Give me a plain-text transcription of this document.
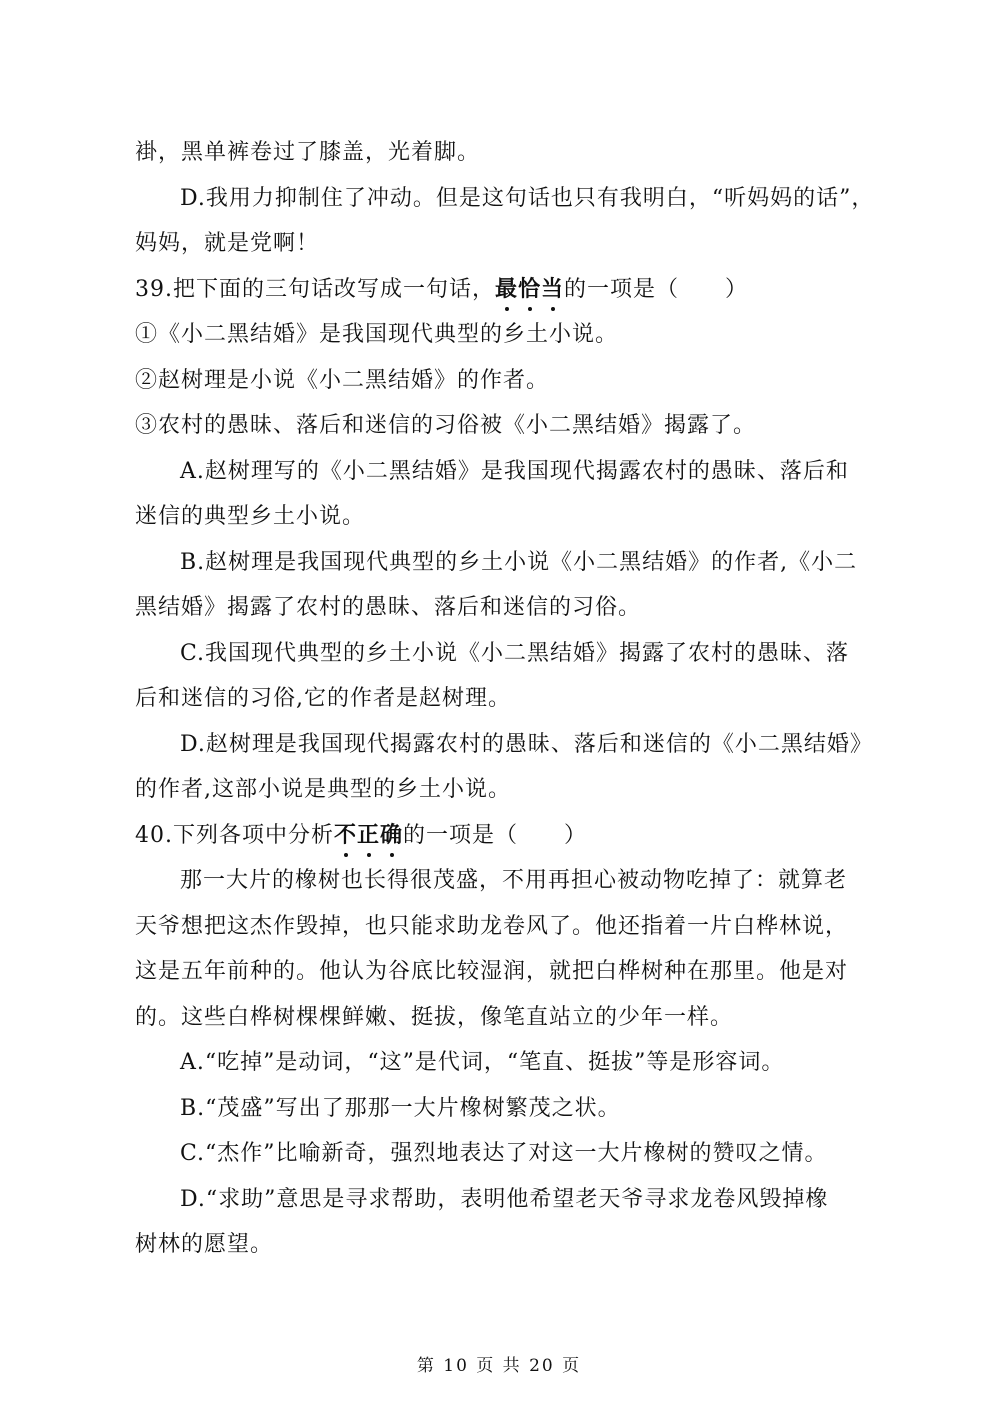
褂，黑单裤卷过了膝盖，光着脚。
D.我用力抑制住了冲动。但是这句话也只有我明白，“听妈妈的话”，
妈妈，就是党啊！
39.把下面的三句话改写成一句话，最恰当的一项是（　　）
①《小二黑结婚》是我国现代典型的乡土小说。
②赵树理是小说《小二黑结婚》的作者。
③农村的愚昧、落后和迷信的习俗被《小二黑结婚》揭露了。
A.赵树理写的《小二黑结婚》是我国现代揭露农村的愚昧、落后和
迷信的典型乡土小说。
B.赵树理是我国现代典型的乡土小说《小二黑结婚》的作者,《小二
黑结婚》揭露了农村的愚昧、落后和迷信的习俗。
C.我国现代典型的乡土小说《小二黑结婚》揭露了农村的愚昧、落
后和迷信的习俗,它的作者是赵树理。
D.赵树理是我国现代揭露农村的愚昧、落后和迷信的《小二黑结婚》
的作者,这部小说是典型的乡土小说。
40.下列各项中分析不正确的一项是（　　）
那一大片的橡树也长得很茂盛，不用再担心被动物吃掉了：就算老
天爷想把这杰作毁掉，也只能求助龙卷风了。他还指着一片白桦林说，
这是五年前种的。他认为谷底比较湿润，就把白桦树种在那里。他是对
的。这些白桦树棵棵鲜嫩、挺拔，像笔直站立的少年一样。
A.“吃掉”是动词，“这”是代词，“笔直、挺拔”等是形容词。
B.“茂盛”写出了那那一大片橡树繁茂之状。
C.“杰作”比喻新奇，强烈地表达了对这一大片橡树的赞叹之情。
D.“求助”意思是寻求帮助，表明他希望老天爷寻求龙卷风毁掉橡
树林的愿望。
第 10 页 共 20 页
